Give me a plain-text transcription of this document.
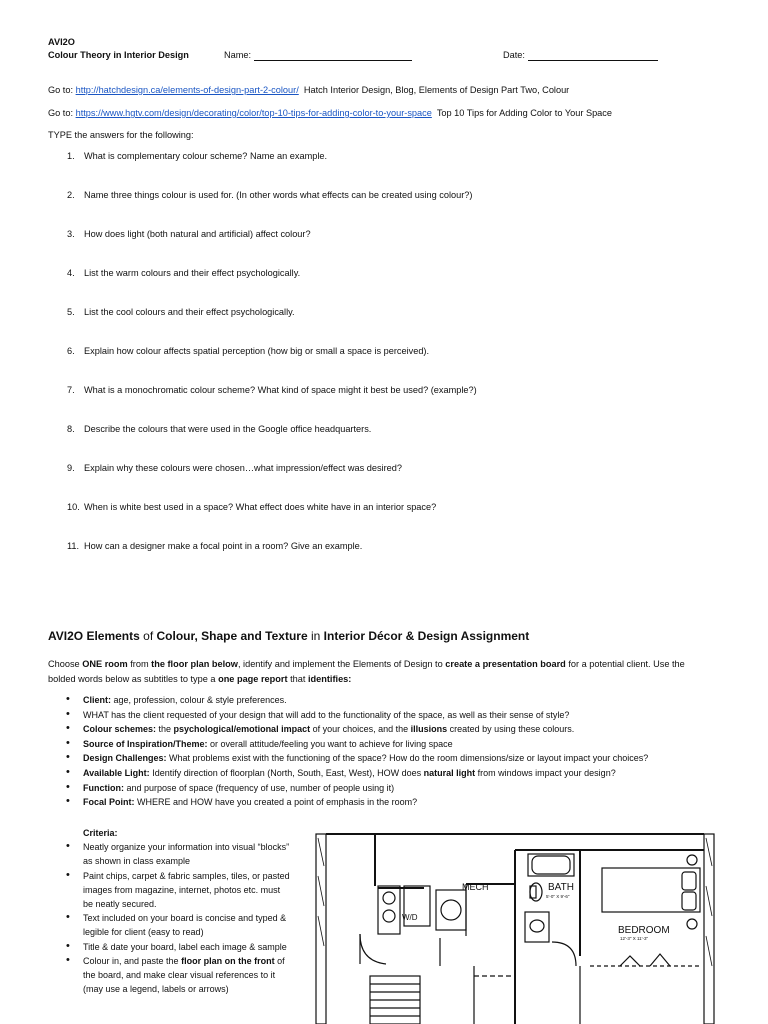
AVI2O
Colour Theory in Interior Design	Name:	Date:
Go to: http://hatchdesign.ca/elements-of-design-part-2-colour/ Hatch Interior Design, Blog, Elements of Design Part Two, Colour
Go to: https://www.hgtv.com/design/decorating/color/top-10-tips-for-adding-color-to-your-space Top 10 Tips for Adding Color to Your Space
TYPE the answers for the following:
1. What is complementary colour scheme? Name an example.
2. Name three things colour is used for. (In other words what effects can be created using colour?)
3. How does light (both natural and artificial) affect colour?
4. List the warm colours and their effect psychologically.
5. List the cool colours and their effect psychologically.
6. Explain how colour affects spatial perception (how big or small a space is perceived).
7. What is a monochromatic colour scheme? What kind of space might it best be used? (example?)
8. Describe the colours that were used in the Google office headquarters.
9. Explain why these colours were chosen…what impression/effect was desired?
10. When is white best used in a space? What effect does white have in an interior space?
11. How can a designer make a focal point in a room? Give an example.
AVI2O Elements of Colour, Shape and Texture in Interior Décor & Design Assignment
Choose ONE room from the floor plan below, identify and implement the Elements of Design to create a presentation board for a potential client. Use the bolded words below as subtitles to type a one page report that identifies:
• Client: age, profession, colour & style preferences.
• WHAT has the client requested of your design that will add to the functionality of the space, as well as their sense of style?
• Colour schemes: the psychological/emotional impact of your choices, and the illusions created by using these colours.
• Source of Inspiration/Theme: or overall attitude/feeling you want to achieve for living space
• Design Challenges: What problems exist with the functioning of the space? How do the room dimensions/size or layout impact your choices?
• Available Light: Identify direction of floorplan (North, South, East, West), HOW does natural light from windows impact your design?
• Function: and purpose of space (frequency of use, number of people using it)
• Focal Point: WHERE and HOW have you created a point of emphasis in the room?
Criteria:
• Neatly organize your information into visual “blocks” as shown in class example
• Paint chips, carpet & fabric samples, tiles, or pasted images from magazine, internet, photos etc. must be neatly secured.
• Text included on your board is concise and typed & legible for client (easy to read)
• Title & date your board, label each image & sample
• Colour in, and paste the floor plan on the front of the board, and make clear visual references to it (may use a legend, labels or arrows)
MECH
W/D
BATH
5'-0" X 9'-6"
BEDROOM
12'-3" X 11'-3"
